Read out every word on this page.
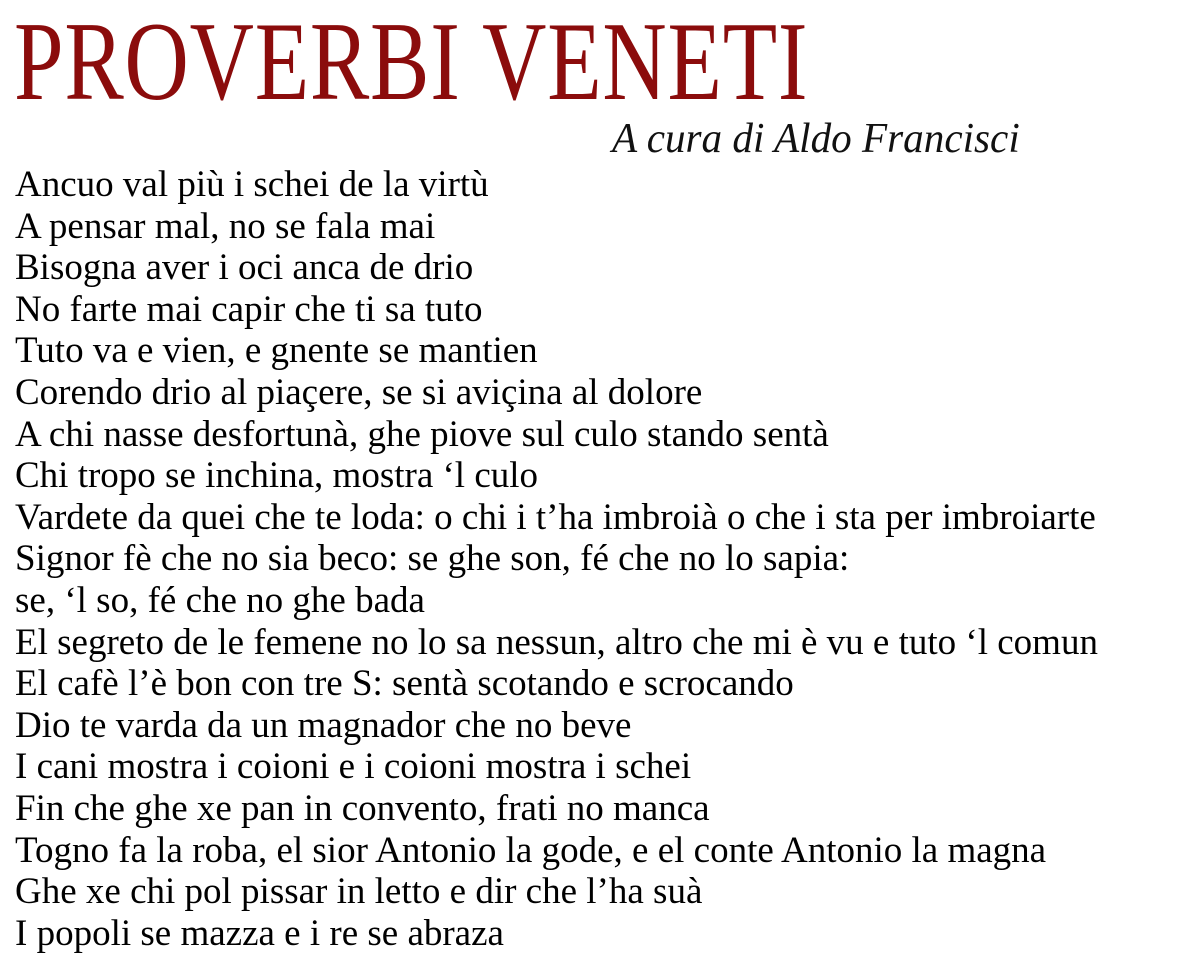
PROVERBI VENETI
A cura di Aldo Francisci
Ancuo val più i schei de la virtù
A pensar mal, no se fala mai
Bisogna aver i oci anca de drio
No farte mai capir che ti sa tuto
Tuto va e vien, e gnente se mantien
Corendo drio al piaçere, se si aviçina al dolore
A chi nasse desfortunà, ghe piove sul culo stando sentà
Chi tropo se inchina, mostra ‘l culo
Vardete da quei che te loda: o chi i t’ha imbroià o che i sta per imbroiarte
Signor fè che no sia beco: se ghe son, fé che no lo sapia:
se, ‘l so, fé che no ghe bada
El segreto de le femene no lo sa nessun, altro che mi è vu e tuto ‘l comun
El cafè l’è bon con tre S: sentà scotando e scrocando
Dio te varda da un magnador che no beve
I cani mostra i coioni e i coioni mostra i schei
Fin che ghe xe pan in convento, frati no manca
Togno fa la roba, el sior Antonio la gode, e el conte Antonio la magna
Ghe xe chi pol pissar in letto e dir che l’ha suà
I popoli se mazza e i re se abraza
